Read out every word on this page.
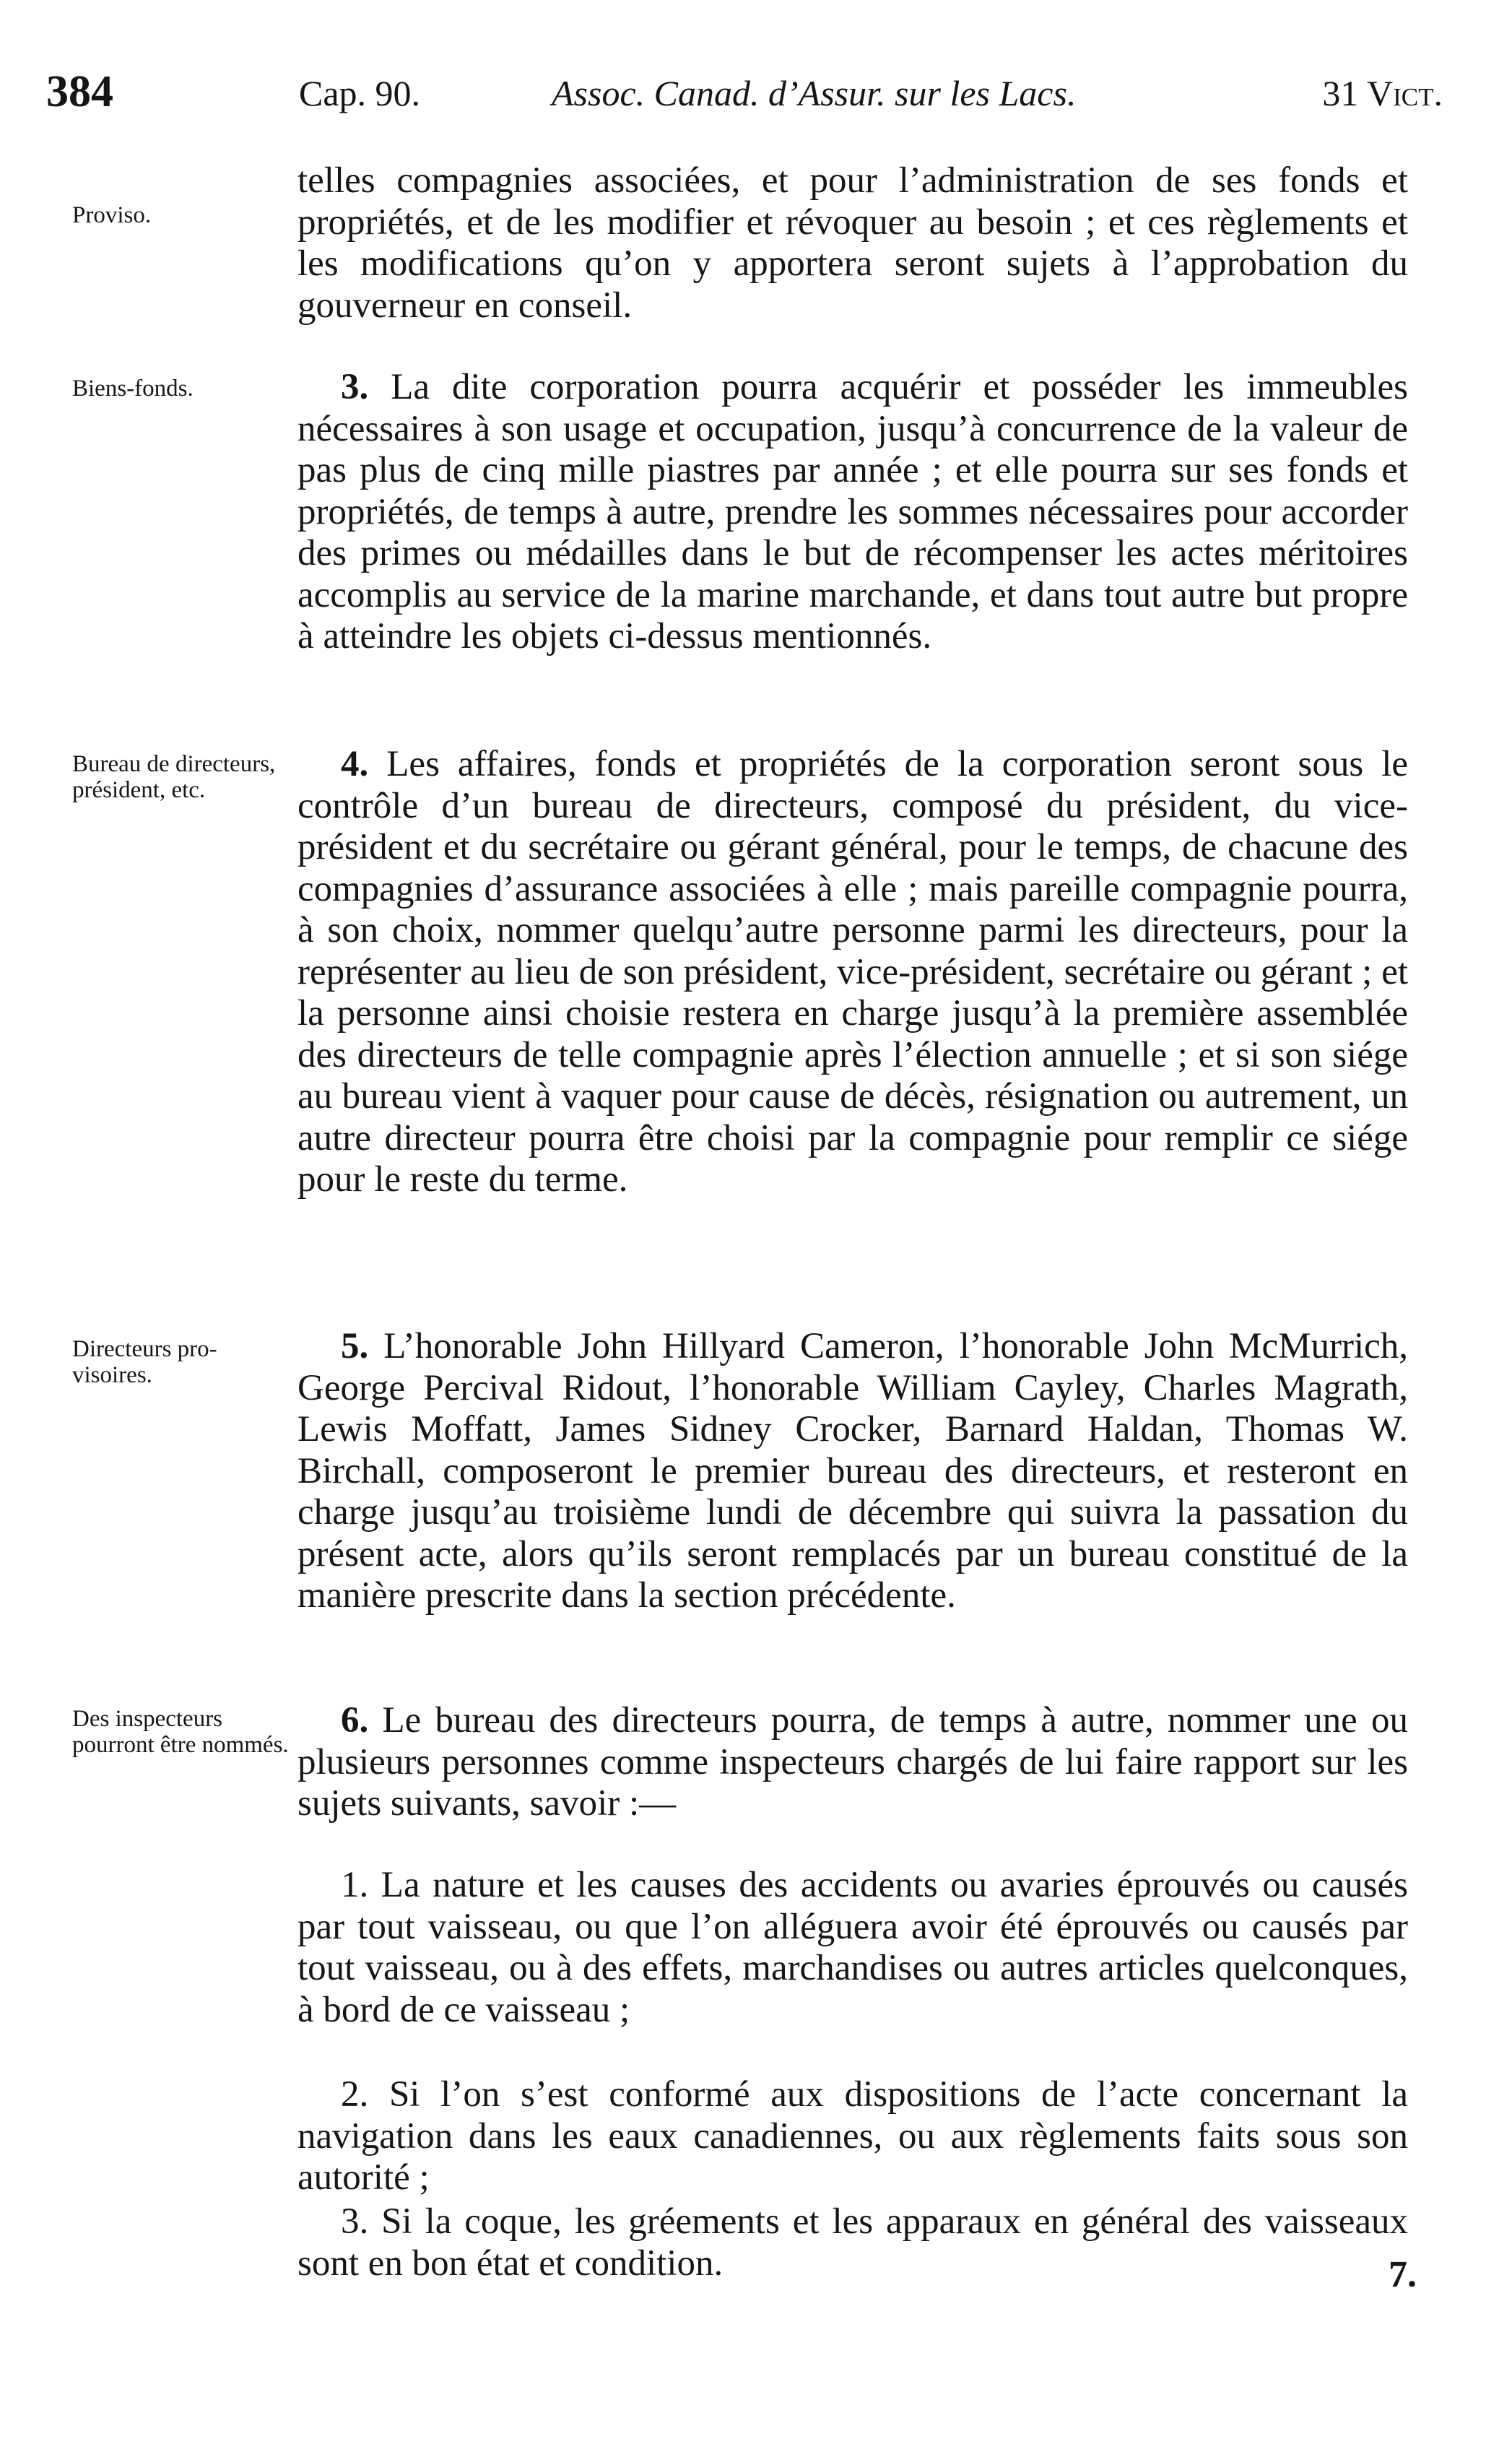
384	Cap. 90.	Assoc. Canad. d’Assur. sur les Lacs.	31 Vict.
Proviso.
telles compagnies associées, et pour l’administration de ses fonds et propriétés, et de les modifier et révoquer au besoin ; et ces règlements et les modifications qu’on y apportera seront sujets à l’approbation du gouverneur en conseil.
Biens-fonds.	3. La dite corporation pourra acquérir et posséder les immeubles nécessaires à son usage et occupation, jusqu’à concurrence de la valeur de pas plus de cinq mille piastres par année ; et elle pourra sur ses fonds et propriétés, de temps à autre, prendre les sommes nécessaires pour accorder des primes ou médailles dans le but de récompenser les actes méritoires accomplis au service de la marine marchande, et dans tout autre but propre à atteindre les objets ci-dessus mentionnés.
Bureau de directeurs, président, etc.
4. Les affaires, fonds et propriétés de la corporation seront sous le contrôle d’un bureau de directeurs, composé du président, du vice-président et du secrétaire ou gérant général, pour le temps, de chacune des compagnies d’assurance associées à elle ; mais pareille compagnie pourra, à son choix, nommer quelqu’autre personne parmi les directeurs, pour la représenter au lieu de son président, vice-président, secrétaire ou gérant ; et la personne ainsi choisie restera en charge jusqu’à la première assemblée des directeurs de telle compagnie après l’élection annuelle ; et si son siége au bureau vient à vaquer pour cause de décès, résignation ou autrement, un autre directeur pourra être choisi par la compagnie pour remplir ce siége pour le reste du terme.
Directeurs provisoires.
5. L’honorable John Hillyard Cameron, l’honorable John McMurrich, George Percival Ridout, l’honorable William Cayley, Charles Magrath, Lewis Moffatt, James Sidney Crocker, Barnard Haldan, Thomas W. Birchall, composeront le premier bureau des directeurs, et resteront en charge jusqu’au troisième lundi de décembre qui suivra la passation du présent acte, alors qu’ils seront remplacés par un bureau constitué de la manière prescrite dans la section précédente.
Des inspecteurs pourront être nommés.
6. Le bureau des directeurs pourra, de temps à autre, nommer une ou plusieurs personnes comme inspecteurs chargés de lui faire rapport sur les sujets suivants, savoir :—
1. La nature et les causes des accidents ou avaries éprouvés ou causés par tout vaisseau, ou que l’on alléguera avoir été éprouvés ou causés par tout vaisseau, ou à des effets, marchandises ou autres articles quelconques, à bord de ce vaisseau ;
2. Si l’on s’est conformé aux dispositions de l’acte concernant la navigation dans les eaux canadiennes, ou aux règlements faits sous son autorité ;
3. Si la coque, les gréements et les apparaux en général des vaisseaux sont en bon état et condition.	7.
